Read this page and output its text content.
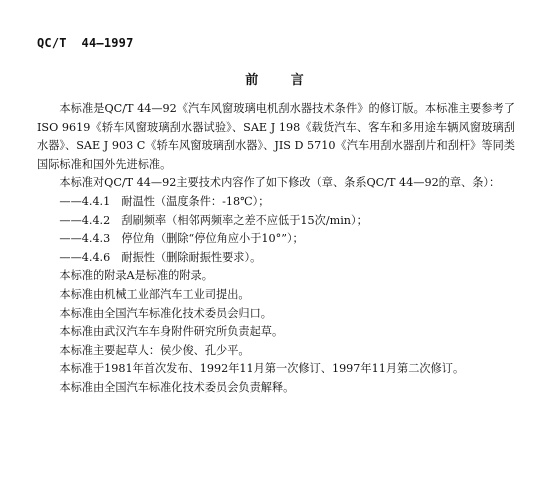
QC/T  44—1997
前 言

本标准是QC/T 44—92《汽车风窗玻璃电机刮水器技术条件》的修订版。本标准主要参考了ISO 9619《轿车风窗玻璃刮水器试验》、SAE J 198《载货汽车、客车和多用途车辆风窗玻璃刮水器》、SAE J 903 C《轿车风窗玻璃刮水器》、JIS D 5710《汽车用刮水器刮片和刮杆》等同类国际标准和国外先进标准。

本标准对QC/T 44—92主要技术内容作了如下修改（章、条系QC/T 44—92的章、条）：

——4.4.1　耐温性（温度条件：-18℃）；

——4.4.2　刮刷频率（相邻两频率之差不应低于15次/min）；

——4.4.3　停位角（删除“停位角应小于10°”）；

——4.4.6　耐振性（删除耐振性要求）。

本标准的附录A是标准的附录。

本标准由机械工业部汽车工业司提出。

本标准由全国汽车标准化技术委员会归口。

本标准由武汉汽车车身附件研究所负责起草。

本标准主要起草人：侯少俊、孔少平。

本标准于1981年首次发布、1992年11月第一次修订、1997年11月第二次修订。

本标准由全国汽车标准化技术委员会负责解释。
